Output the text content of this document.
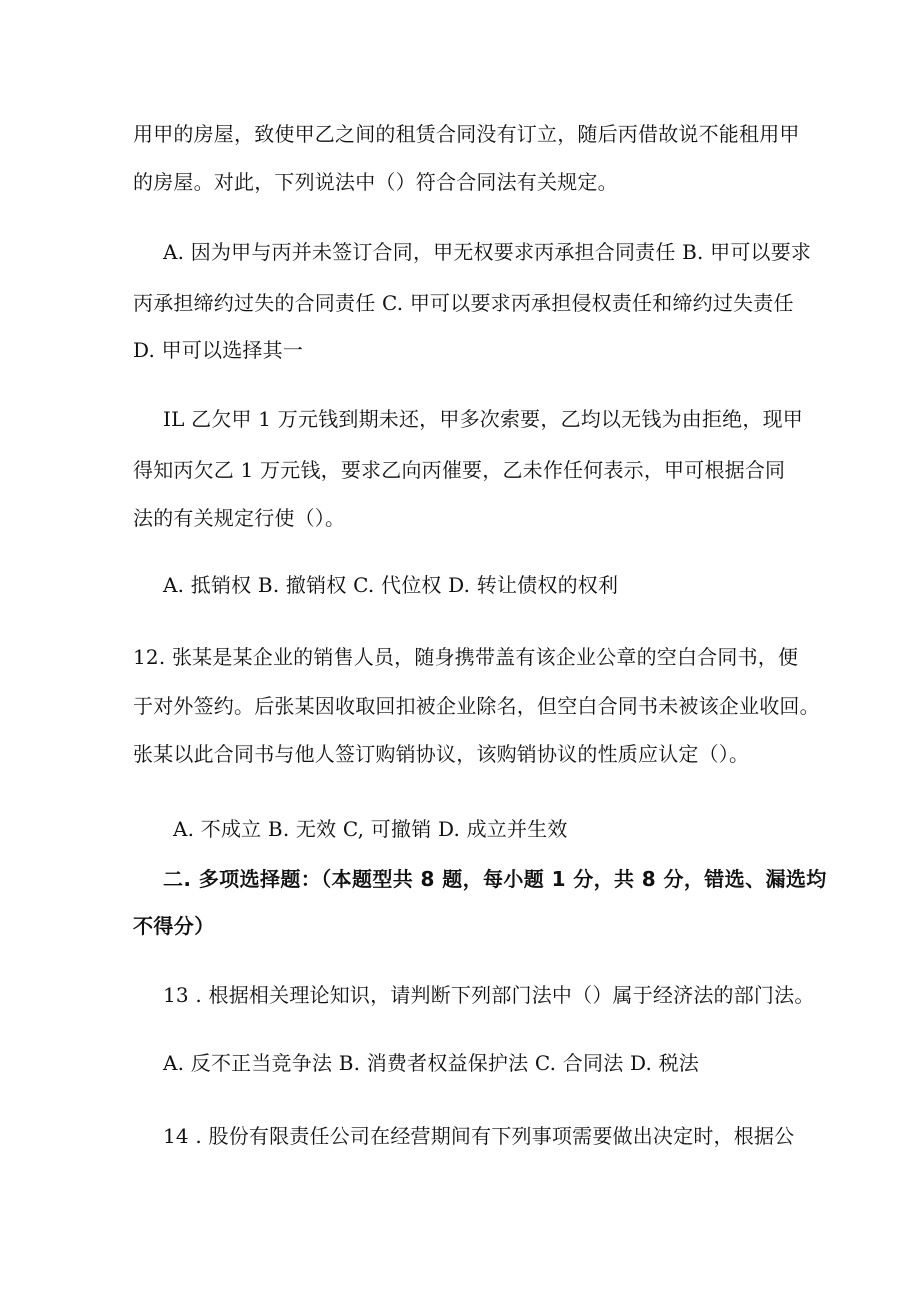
用甲的房屋，致使甲乙之间的租赁合同没有订立，随后丙借故说不能租用甲
的房屋。对此，下列说法中（）符合合同法有关规定。
A. 因为甲与丙并未签订合同，甲无权要求丙承担合同责任 B. 甲可以要求
丙承担缔约过失的合同责任 C. 甲可以要求丙承担侵权责任和缔约过失责任
D. 甲可以选择其一
IL 乙欠甲 1 万元钱到期未还，甲多次索要，乙均以无钱为由拒绝，现甲
得知丙欠乙 1 万元钱，要求乙向丙催要，乙未作任何表示，甲可根据合同
法的有关规定行使（）。
A. 抵销权 B. 撤销权 C. 代位权 D. 转让债权的权利
12. 张某是某企业的销售人员，随身携带盖有该企业公章的空白合同书，便
于对外签约。后张某因收取回扣被企业除名，但空白合同书未被该企业收回。
张某以此合同书与他人签订购销协议，该购销协议的性质应认定（）。
A. 不成立 B. 无效 C, 可撤销 D. 成立并生效
二. 多项选择题：（本题型共 8 题，每小题 1 分，共 8 分，错选、漏选均
不得分）
13 . 根据相关理论知识，请判断下列部门法中（）属于经济法的部门法。
A. 反不正当竞争法 B. 消费者权益保护法 C. 合同法 D. 税法
14 . 股份有限责任公司在经营期间有下列事项需要做出决定时，根据公
